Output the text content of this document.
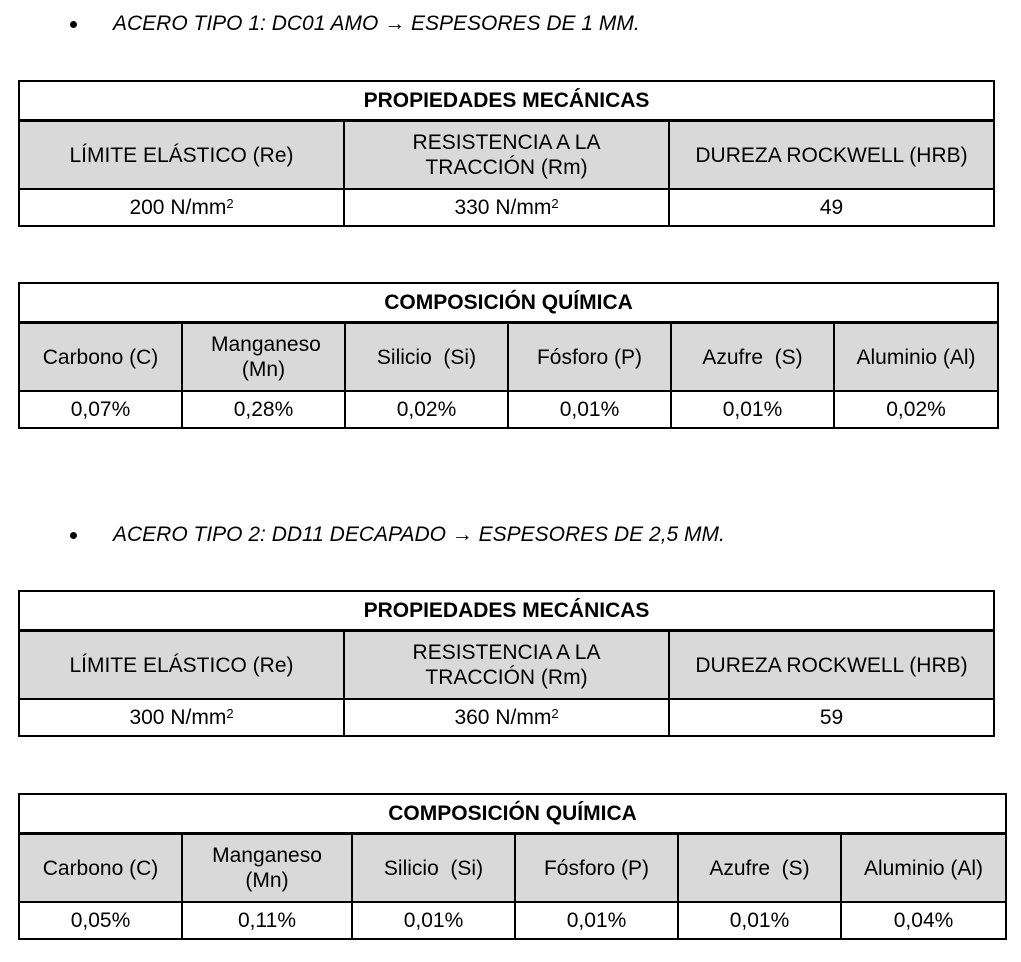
ACERO TIPO 1: DC01 AMO → ESPESORES DE 1 MM.
PROPIEDADES MECÁNICAS		
LÍMITE ELÁSTICO (Re)	RESISTENCIA A LA TRACCIÓN (Rm)	DUREZA ROCKWELL (HRB)
200 $N/mm^2$	330 $N/mm^2$	49
COMPOSICIÓN QUÍMICA					
Carbono (C)	Manganeso (Mn)	Silicio  (Si)	Fósforo (P)	Azufre  (S)	Aluminio (Al)
0,07%	0,28%	0,02%	0,01%	0,01%	0,02%
ACERO TIPO 2: DD11 DECAPADO → ESPESORES DE 2,5 MM.
PROPIEDADES MECÁNICAS		
LÍMITE ELÁSTICO (Re)	RESISTENCIA A LA TRACCIÓN (Rm)	DUREZA ROCKWELL (HRB)
300 $N/mm^2$	360 $N/mm^2$	59
COMPOSICIÓN QUÍMICA					
Carbono (C)	Manganeso (Mn)	Silicio  (Si)	Fósforo (P)	Azufre  (S)	Aluminio (Al)
0,05%	0,11%	0,01%	0,01%	0,01%	0,04%
